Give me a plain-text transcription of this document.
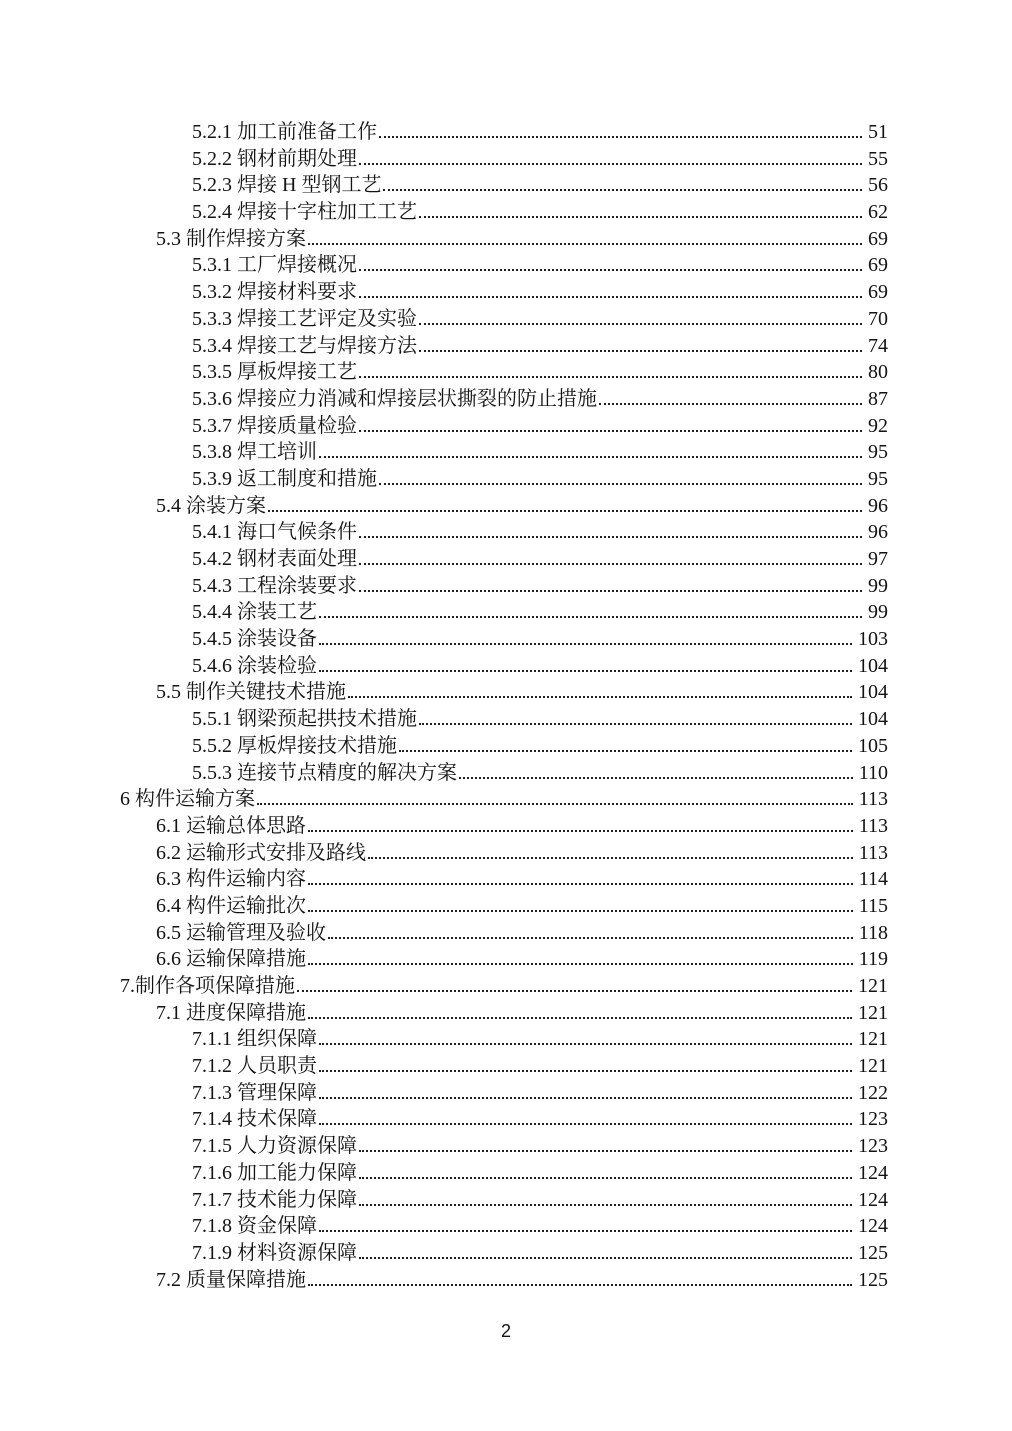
5.2.1 加工前准备工作	51
5.2.2 钢材前期处理	55
5.2.3 焊接 H 型钢工艺	56
5.2.4 焊接十字柱加工工艺	62
5.3 制作焊接方案	69
5.3.1 工厂焊接概况	69
5.3.2 焊接材料要求	69
5.3.3 焊接工艺评定及实验	70
5.3.4 焊接工艺与焊接方法	74
5.3.5 厚板焊接工艺	80
5.3.6 焊接应力消减和焊接层状撕裂的防止措施	87
5.3.7 焊接质量检验	92
5.3.8 焊工培训	95
5.3.9 返工制度和措施	95
5.4 涂装方案	96
5.4.1 海口气候条件	96
5.4.2 钢材表面处理	97
5.4.3 工程涂装要求	99
5.4.4 涂装工艺	99
5.4.5 涂装设备	103
5.4.6 涂装检验	104
5.5 制作关键技术措施	104
5.5.1 钢梁预起拱技术措施	104
5.5.2 厚板焊接技术措施	105
5.5.3 连接节点精度的解决方案	110
6 构件运输方案	113
6.1 运输总体思路	113
6.2 运输形式安排及路线	113
6.3 构件运输内容	114
6.4 构件运输批次	115
6.5 运输管理及验收	118
6.6 运输保障措施	119
7.制作各项保障措施	121
7.1 进度保障措施	121
7.1.1 组织保障	121
7.1.2 人员职责	121
7.1.3 管理保障	122
7.1.4 技术保障	123
7.1.5 人力资源保障	123
7.1.6 加工能力保障	124
7.1.7 技术能力保障	124
7.1.8 资金保障	124
7.1.9 材料资源保障	125
7.2 质量保障措施	125
2
